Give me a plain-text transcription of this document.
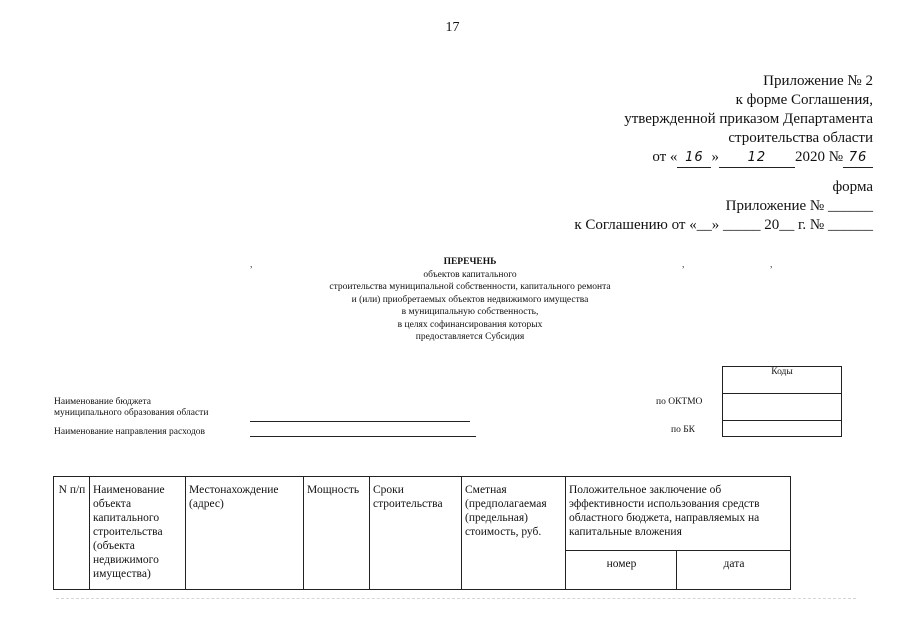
17
Приложение № 2
к форме Соглашения,
утвержденной приказом Департамента
строительства области
от « 16 » 12 2020 № 76
форма
Приложение № ______
к Соглашению от «__» _____ 20__ г. № ______
,	,	,
ПЕРЕЧЕНЬ
объектов капитального
строительства муниципальной собственности, капитального ремонта
и (или) приобретаемых объектов недвижимого имущества
в муниципальную собственность,
в целях софинансирования которых
предоставляется Субсидия
Наименование бюджета
муниципального образования области
Наименование направления расходов
по ОКТМО
по БК
Коды

N п/п	Наименование объекта капитального строительства (объекта недвижимого имущества)	Местонахождение (адрес)	Мощность	Сроки строительства	Сметная (предполагаемая (предельная) стоимость, руб.	Положительное заключение об эффективности использования средств областного бюджета, направляемых на капитальные вложения	
						номер	дата
